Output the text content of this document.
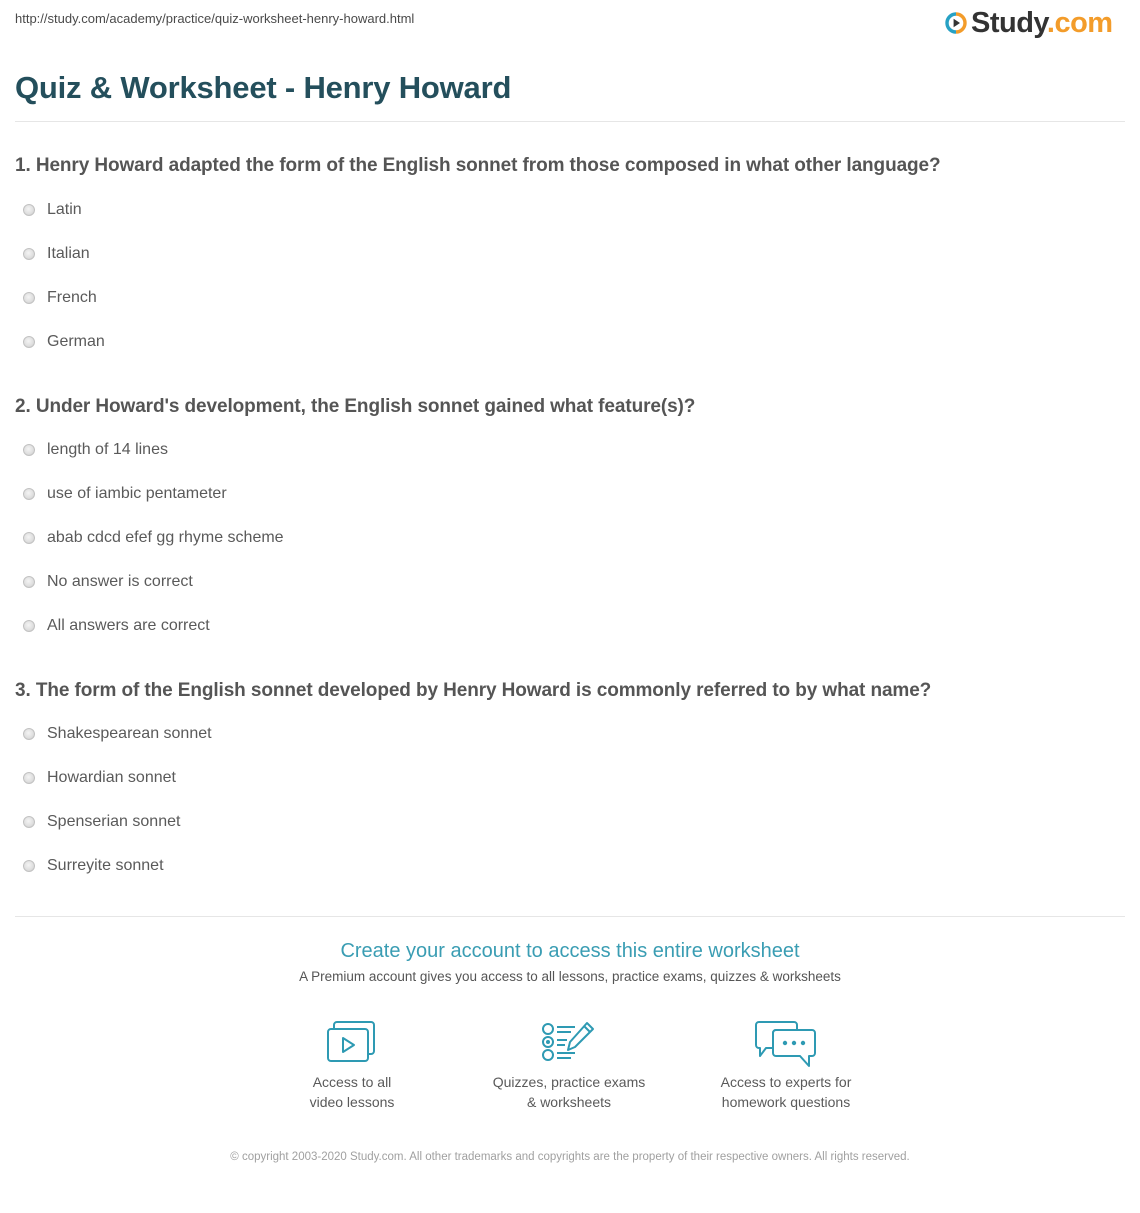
http://study.com/academy/practice/quiz-worksheet-henry-howard.html	Study.com
Quiz & Worksheet - Henry Howard
1. Henry Howard adapted the form of the English sonnet from those composed in what other language?
Latin
Italian
French
German
2. Under Howard's development, the English sonnet gained what feature(s)?
length of 14 lines
use of iambic pentameter
abab cdcd efef gg rhyme scheme
No answer is correct
All answers are correct
3. The form of the English sonnet developed by Henry Howard is commonly referred to by what name?
Shakespearean sonnet
Howardian sonnet
Spenserian sonnet
Surreyite sonnet
Create your account to access this entire worksheet
A Premium account gives you access to all lessons, practice exams, quizzes & worksheets
Access to all
video lessons
Quizzes, practice exams
& worksheets
Access to experts for
homework questions
© copyright 2003-2020 Study.com. All other trademarks and copyrights are the property of their respective owners. All rights reserved.
